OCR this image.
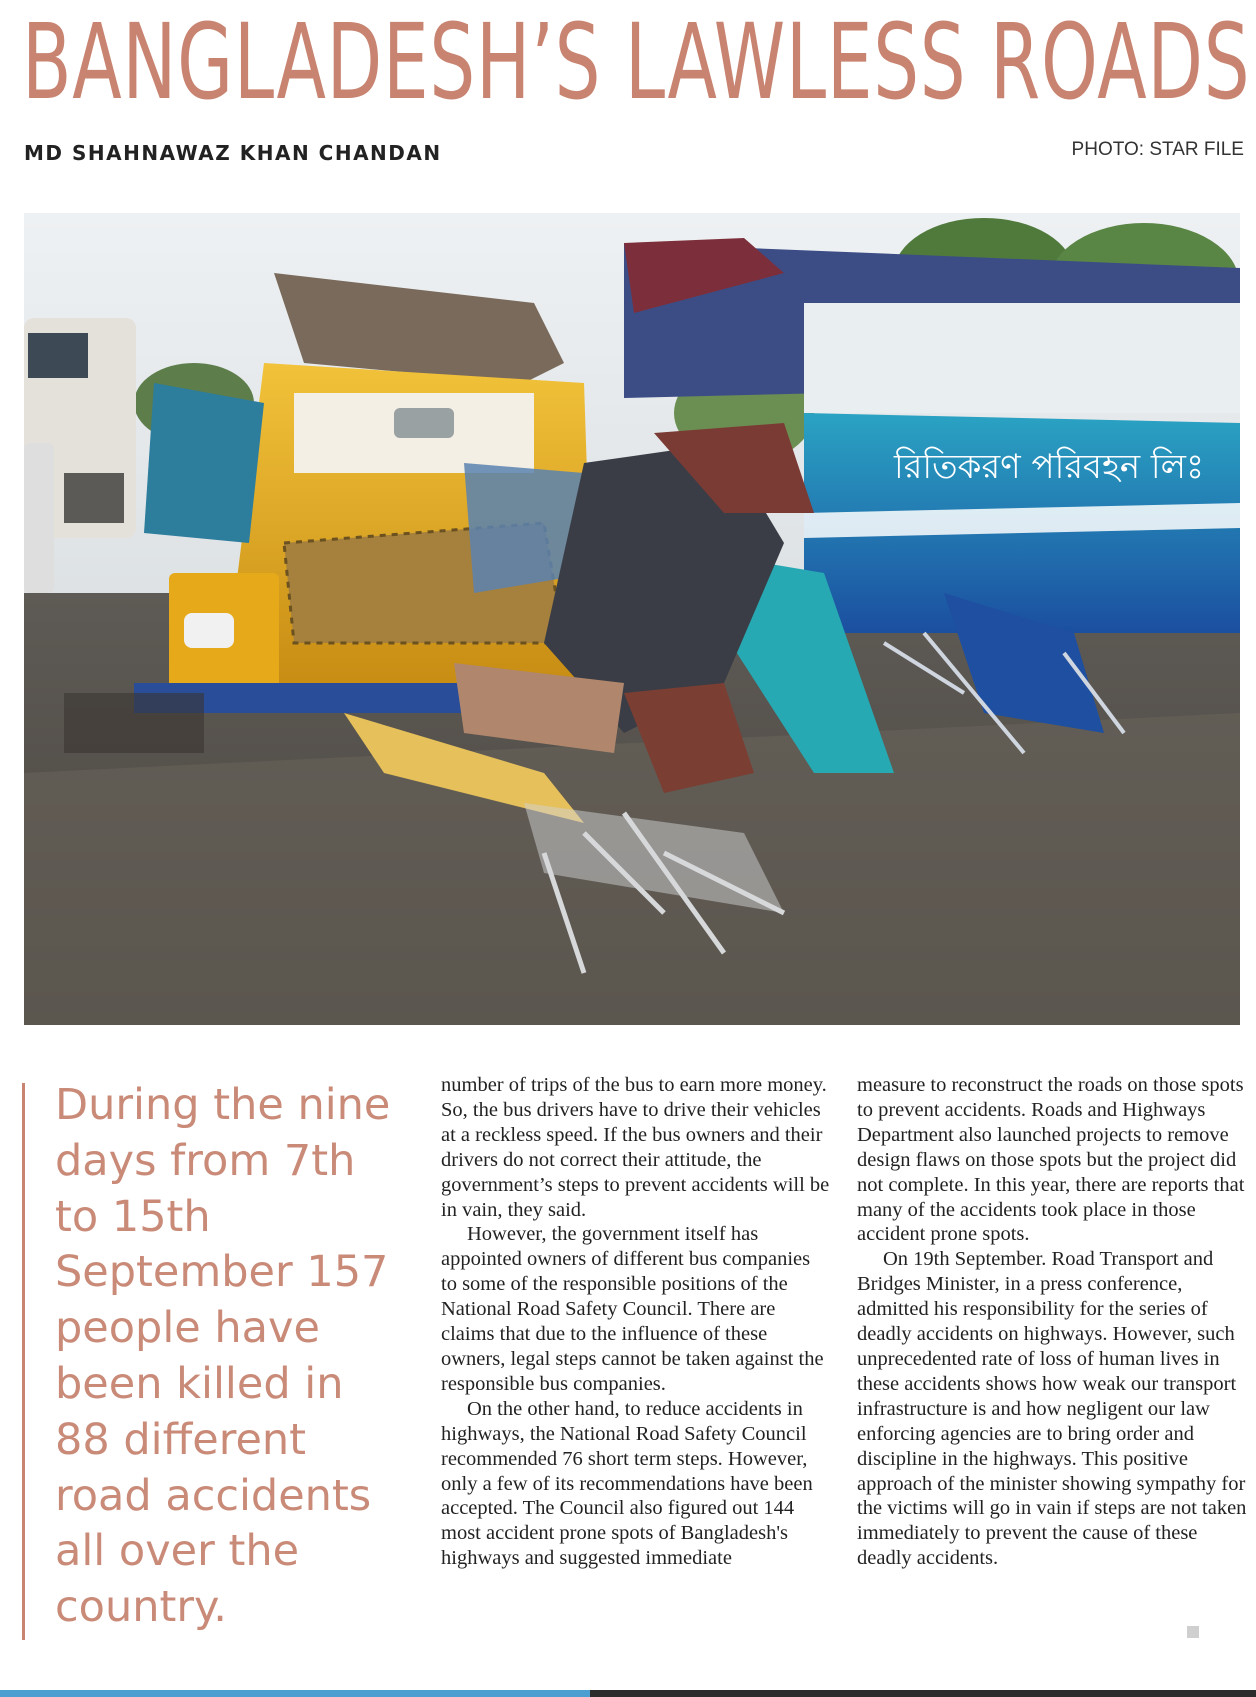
BANGLADESH’S LAWLESS ROADS
MD SHAHNAWAZ KHAN CHANDAN	PHOTO: STAR FILE
রিতিকরণ পরিবহন লিঃ

During the nine days from 7th to 15th September 157 people have been killed in 88 different road accidents all over the country.

number of trips of the bus to earn more money. So, the bus drivers have to drive their vehicles at a reckless speed. If the bus owners and their drivers do not correct their attitude, the government’s steps to prevent accidents will be in vain, they said.

However, the government itself has appointed owners of different bus companies to some of the responsible positions of the National Road Safety Council. There are claims that due to the influence of these owners, legal steps cannot be taken against the responsible bus companies.

On the other hand, to reduce accidents in highways, the National Road Safety Council recommended 76 short term steps. However, only a few of its recommendations have been accepted. The Council also figured out 144 most accident prone spots of Bangladesh's highways and suggested immediate

measure to reconstruct the roads on those spots to prevent accidents. Roads and Highways Department also launched projects to remove design flaws on those spots but the project did not complete. In this year, there are reports that many of the accidents took place in those accident prone spots.

On 19th September. Road Transport and Bridges Minister, in a press conference, admitted his responsibility for the series of deadly accidents on highways. However, such unprecedented rate of loss of human lives in these accidents shows how weak our transport infrastructure is and how negligent our law enforcing agencies are to bring order and discipline in the highways. This positive approach of the minister showing sympathy for the victims will go in vain if steps are not taken immediately to prevent the cause of these deadly accidents.
